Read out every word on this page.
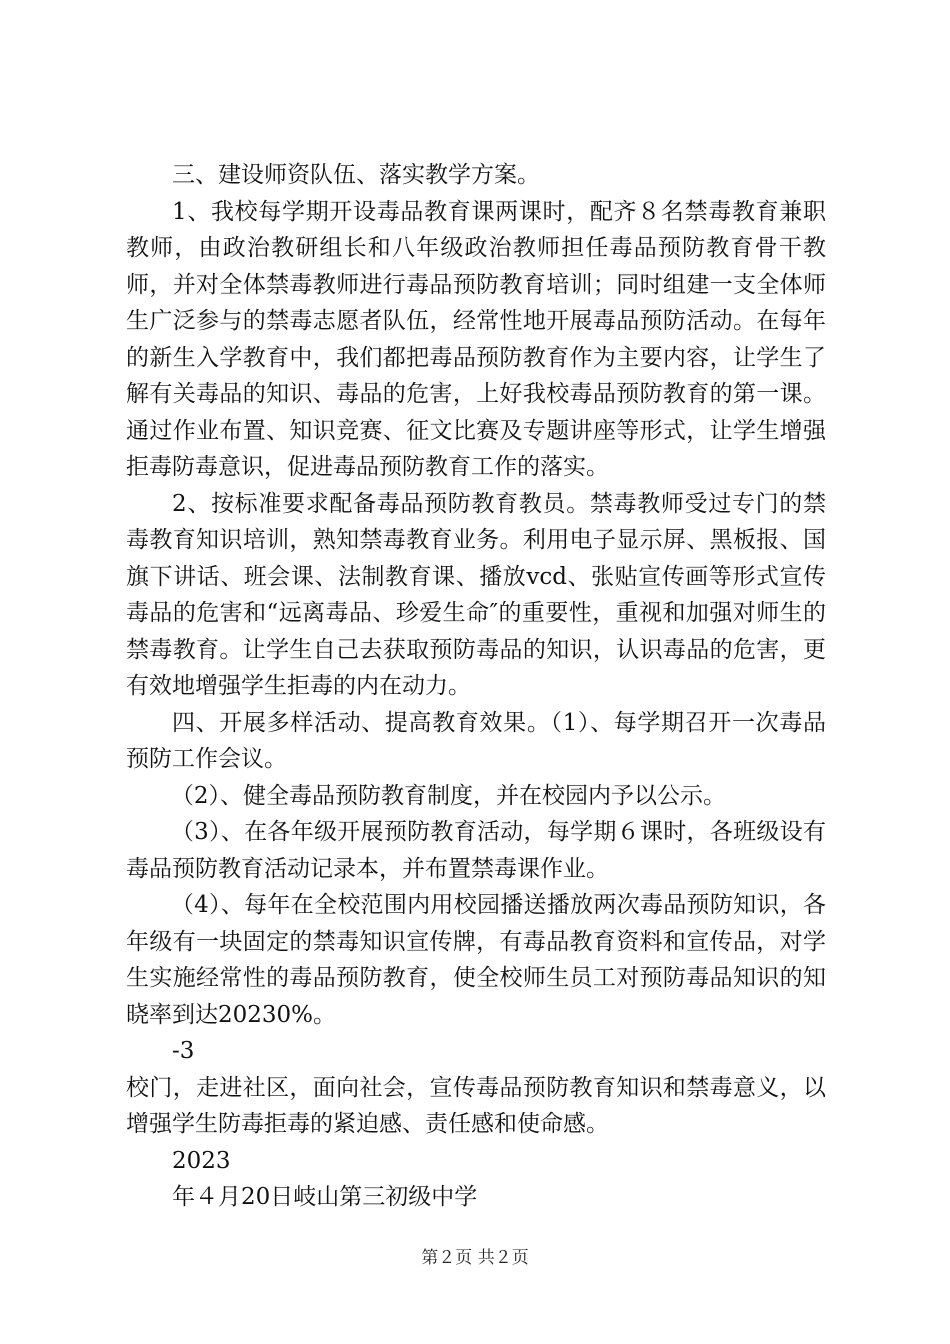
三、建设师资队伍、落实教学方案。

1、我校每学期开设毒品教育课两课时，配齐８名禁毒教育兼职教师，由政治教研组长和八年级政治教师担任毒品预防教育骨干教师，并对全体禁毒教师进行毒品预防教育培训；同时组建一支全体师生广泛参与的禁毒志愿者队伍，经常性地开展毒品预防活动。在每年的新生入学教育中，我们都把毒品预防教育作为主要内容，让学生了解有关毒品的知识、毒品的危害，上好我校毒品预防教育的第一课。通过作业布置、知识竞赛、征文比赛及专题讲座等形式，让学生增强拒毒防毒意识，促进毒品预防教育工作的落实。

2、按标准要求配备毒品预防教育教员。禁毒教师受过专门的禁毒教育知识培训，熟知禁毒教育业务。利用电子显示屏、黑板报、国旗下讲话、班会课、法制教育课、播放vcd、张贴宣传画等形式宣传毒品的危害和“远离毒品、珍爱生命″的重要性，重视和加强对师生的禁毒教育。让学生自己去获取预防毒品的知识，认识毒品的危害，更有效地增强学生拒毒的内在动力。

四、开展多样活动、提高教育效果。（1）、每学期召开一次毒品预防工作会议。

（2）、健全毒品预防教育制度，并在校园内予以公示。

（3）、在各年级开展预防教育活动，每学期６课时，各班级设有毒品预防教育活动记录本，并布置禁毒课作业。

（4）、每年在全校范围内用校园播送播放两次毒品预防知识，各年级有一块固定的禁毒知识宣传牌，有毒品教育资料和宣传品，对学生实施经常性的毒品预防教育，使全校师生员工对预防毒品知识的知晓率到达20230%。

-3

校门，走进社区，面向社会，宣传毒品预防教育知识和禁毒意义，以增强学生防毒拒毒的紧迫感、责任感和使命感。

2023

年４月20日岐山第三初级中学

第２页 共２页
